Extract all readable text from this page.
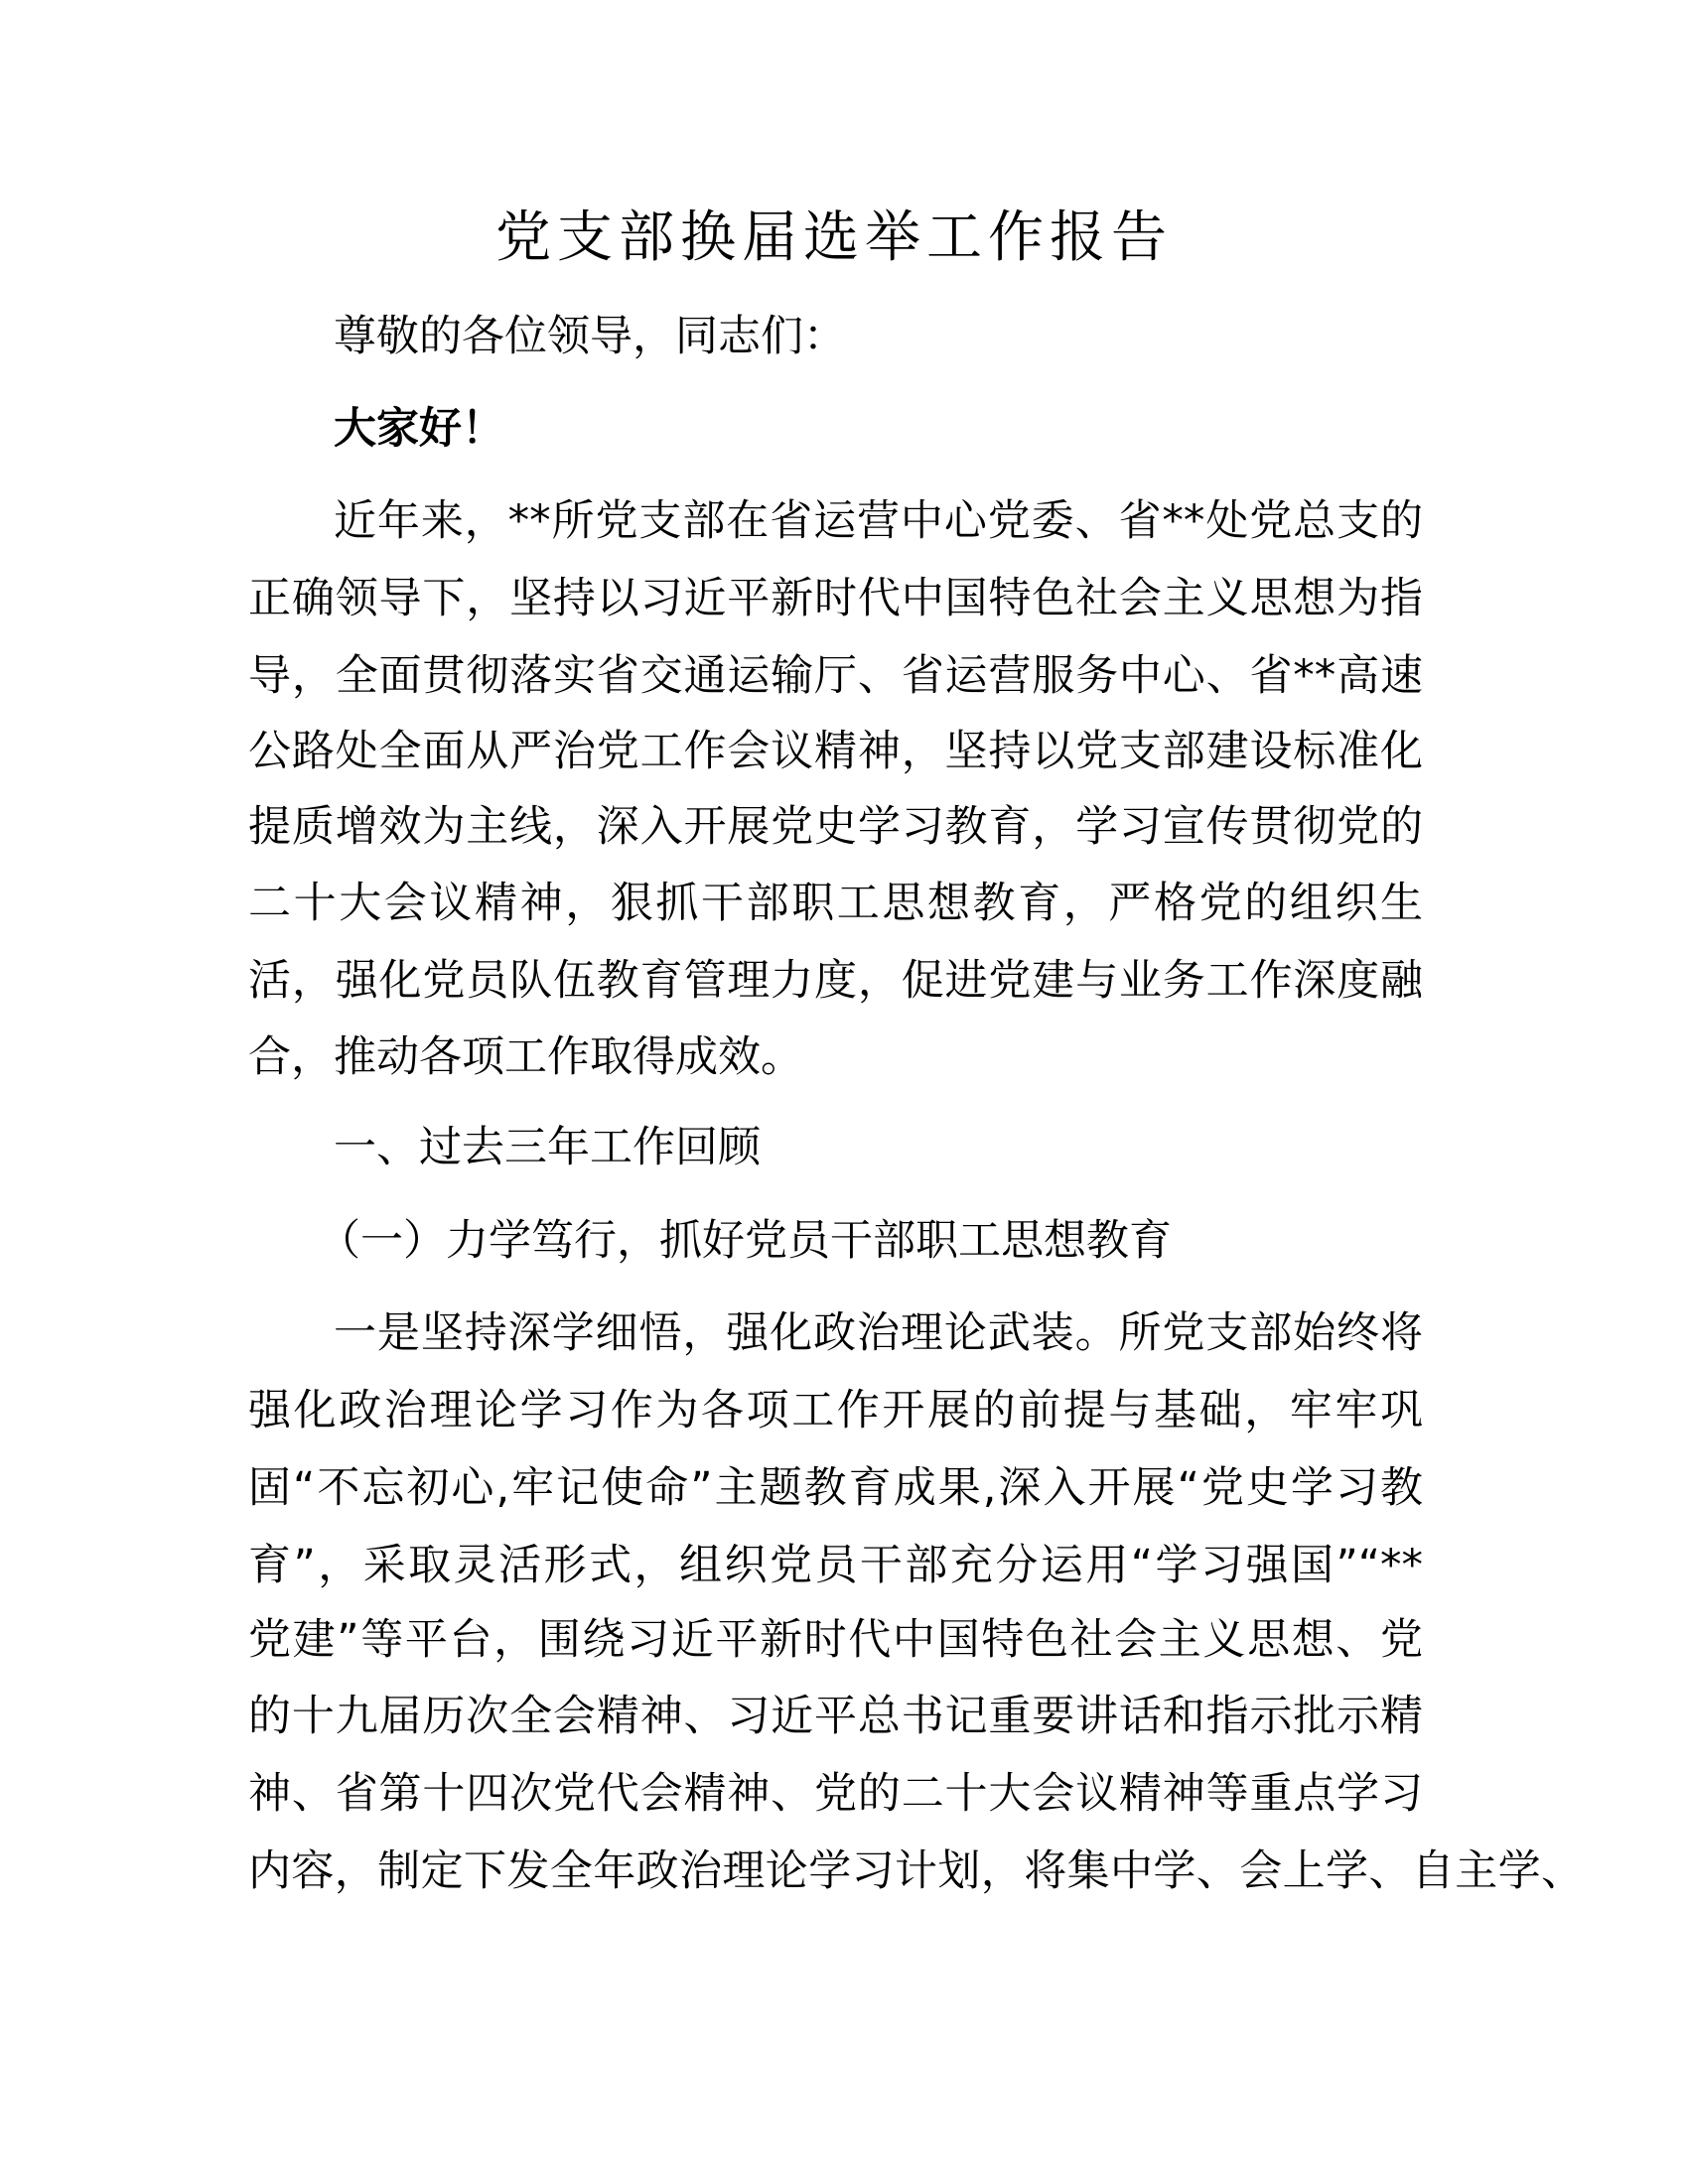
党支部换届选举工作报告
尊敬的各位领导，同志们：
大家好！
近年来，**所党支部在省运营中心党委、省**处党总支的
正确领导下，坚持以习近平新时代中国特色社会主义思想为指
导，全面贯彻落实省交通运输厅、省运营服务中心、省**高速
公路处全面从严治党工作会议精神，坚持以党支部建设标准化
提质增效为主线，深入开展党史学习教育，学习宣传贯彻党的
二十大会议精神，狠抓干部职工思想教育，严格党的组织生
活，强化党员队伍教育管理力度，促进党建与业务工作深度融
合，推动各项工作取得成效。
一、过去三年工作回顾
（一）力学笃行，抓好党员干部职工思想教育
一是坚持深学细悟，强化政治理论武装。所党支部始终将
强化政治理论学习作为各项工作开展的前提与基础，牢牢巩
固“不忘初心,牢记使命”主题教育成果,深入开展“党史学习教
育”，采取灵活形式，组织党员干部充分运用“学习强国”“**
党建”等平台，围绕习近平新时代中国特色社会主义思想、党
的十九届历次全会精神、习近平总书记重要讲话和指示批示精
神、省第十四次党代会精神、党的二十大会议精神等重点学习
内容，制定下发全年政治理论学习计划，将集中学、会上学、自主学、
